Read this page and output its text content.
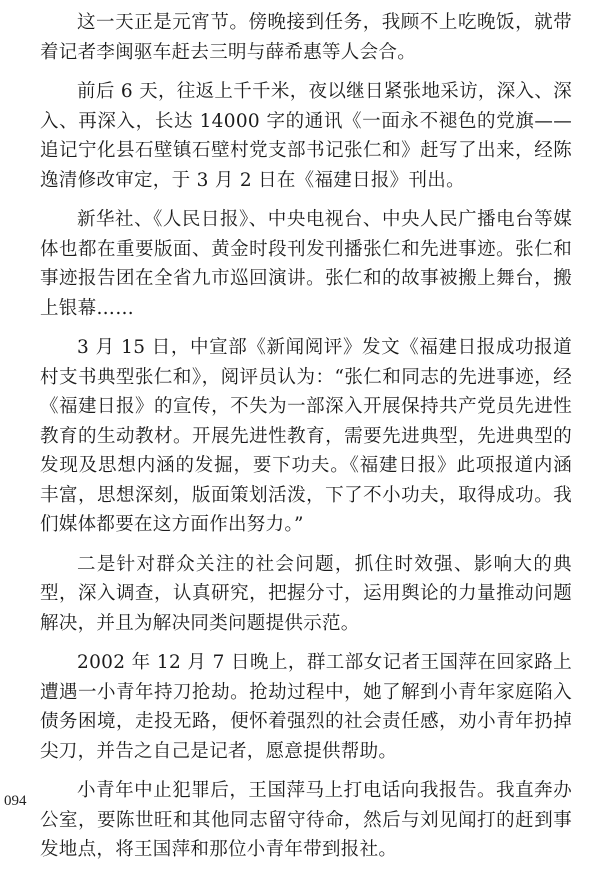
这一天正是元宵节。傍晚接到任务，我顾不上吃晚饭，就带着记者李闽驱车赶去三明与薛希惠等人会合。

前后 6 天，往返上千千米，夜以继日紧张地采访，深入、深入、再深入，长达 14000 字的通讯《一面永不褪色的党旗——追记宁化县石壁镇石壁村党支部书记张仁和》赶写了出来，经陈逸清修改审定，于 3 月 2 日在《福建日报》刊出。

新华社、《人民日报》、中央电视台、中央人民广播电台等媒体也都在重要版面、黄金时段刊发刊播张仁和先进事迹。张仁和事迹报告团在全省九市巡回演讲。张仁和的故事被搬上舞台，搬上银幕……

3 月 15 日，中宣部《新闻阅评》发文《福建日报成功报道村支书典型张仁和》，阅评员认为：“张仁和同志的先进事迹，经《福建日报》的宣传，不失为一部深入开展保持共产党员先进性教育的生动教材。开展先进性教育，需要先进典型，先进典型的发现及思想内涵的发掘，要下功夫。《福建日报》此项报道内涵丰富，思想深刻，版面策划活泼，下了不小功夫，取得成功。我们媒体都要在这方面作出努力。”

二是针对群众关注的社会问题，抓住时效强、影响大的典型，深入调查，认真研究，把握分寸，运用舆论的力量推动问题解决，并且为解决同类问题提供示范。

2002 年 12 月 7 日晚上，群工部女记者王国萍在回家路上遭遇一小青年持刀抢劫。抢劫过程中，她了解到小青年家庭陷入债务困境，走投无路，便怀着强烈的社会责任感，劝小青年扔掉尖刀，并告之自己是记者，愿意提供帮助。

小青年中止犯罪后，王国萍马上打电话向我报告。我直奔办公室，要陈世旺和其他同志留守待命，然后与刘见闻打的赶到事发地点，将王国萍和那位小青年带到报社。

094
